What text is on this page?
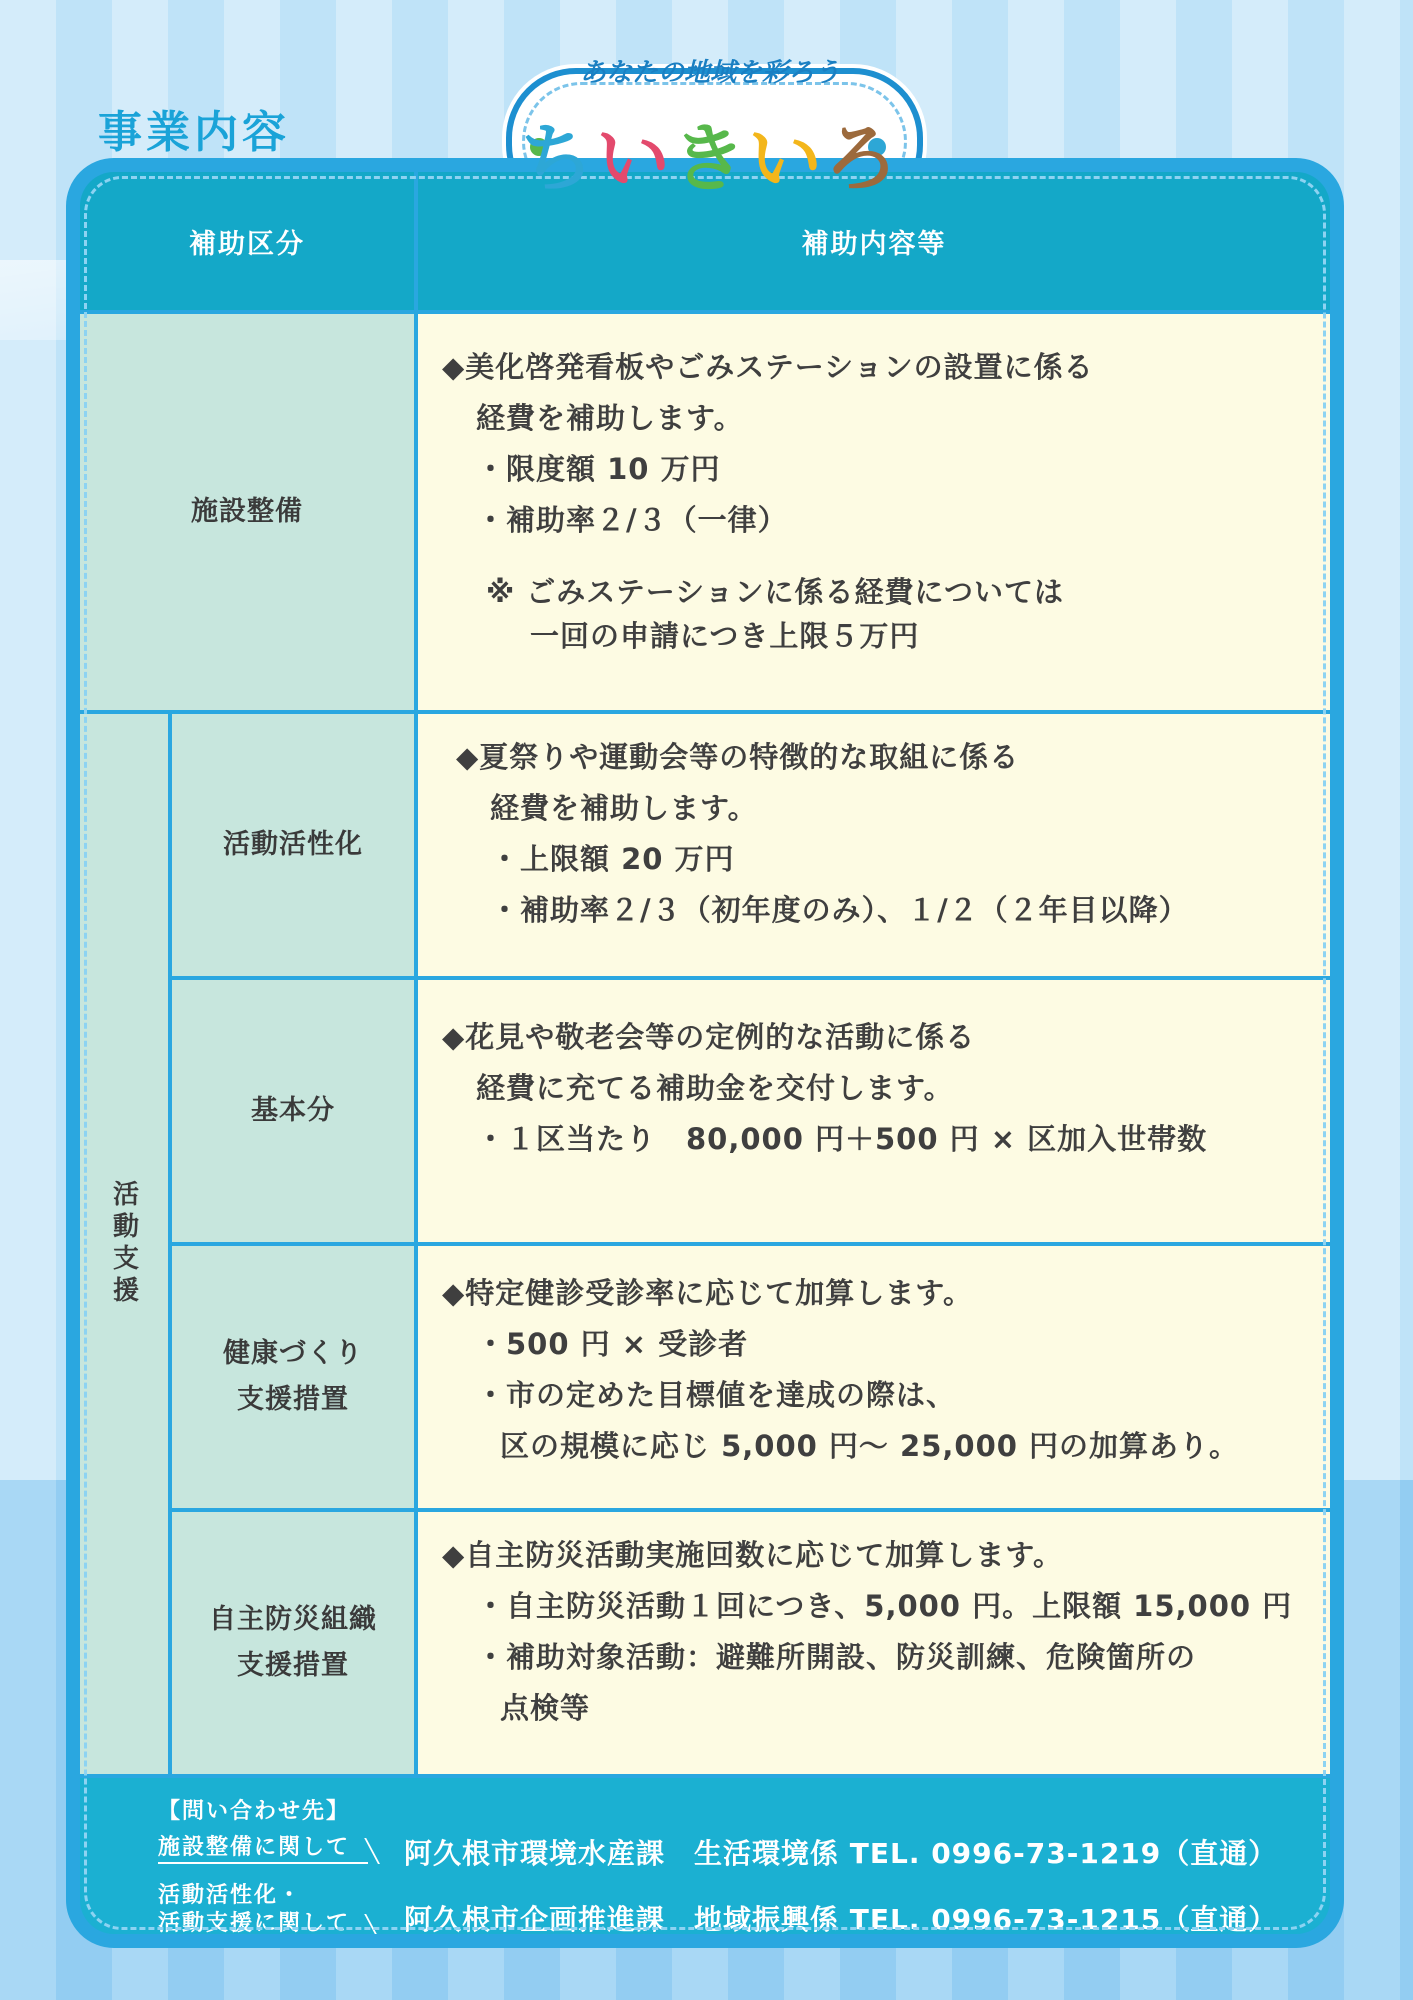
事業内容
あなたの地域を彩ろう
ちいきいろ
補助区分	補助内容等
施設整備
◆美化啓発看板やごみステーションの設置に係る
経費を補助します。
・限度額 10 万円
・補助率２/３（一律）
※ ごみステーションに係る経費については
一回の申請につき上限５万円
活動支援
活動活性化
◆夏祭りや運動会等の特徴的な取組に係る
経費を補助します。
・上限額 20 万円
・補助率２/３（初年度のみ）、１/２（２年目以降）
基本分
◆花見や敬老会等の定例的な活動に係る
経費に充てる補助金を交付します。
・１区当たり　80,000 円＋500 円 × 区加入世帯数
健康づくり
支援措置
◆特定健診受診率に応じて加算します。
・500 円 × 受診者
・市の定めた目標値を達成の際は、
区の規模に応じ 5,000 円～ 25,000 円の加算あり。
自主防災組織
支援措置
◆自主防災活動実施回数に応じて加算します。
・自主防災活動１回につき、5,000 円。上限額 15,000 円
・補助対象活動：避難所開設、防災訓練、危険箇所の
点検等
【問い合わせ先】
施設整備に関して	阿久根市環境水産課　生活環境係 TEL. 0996-73-1219（直通）
活動活性化・
活動支援に関して 阿久根市企画推進課　地域振興係 TEL. 0996-73-1215（直通）
